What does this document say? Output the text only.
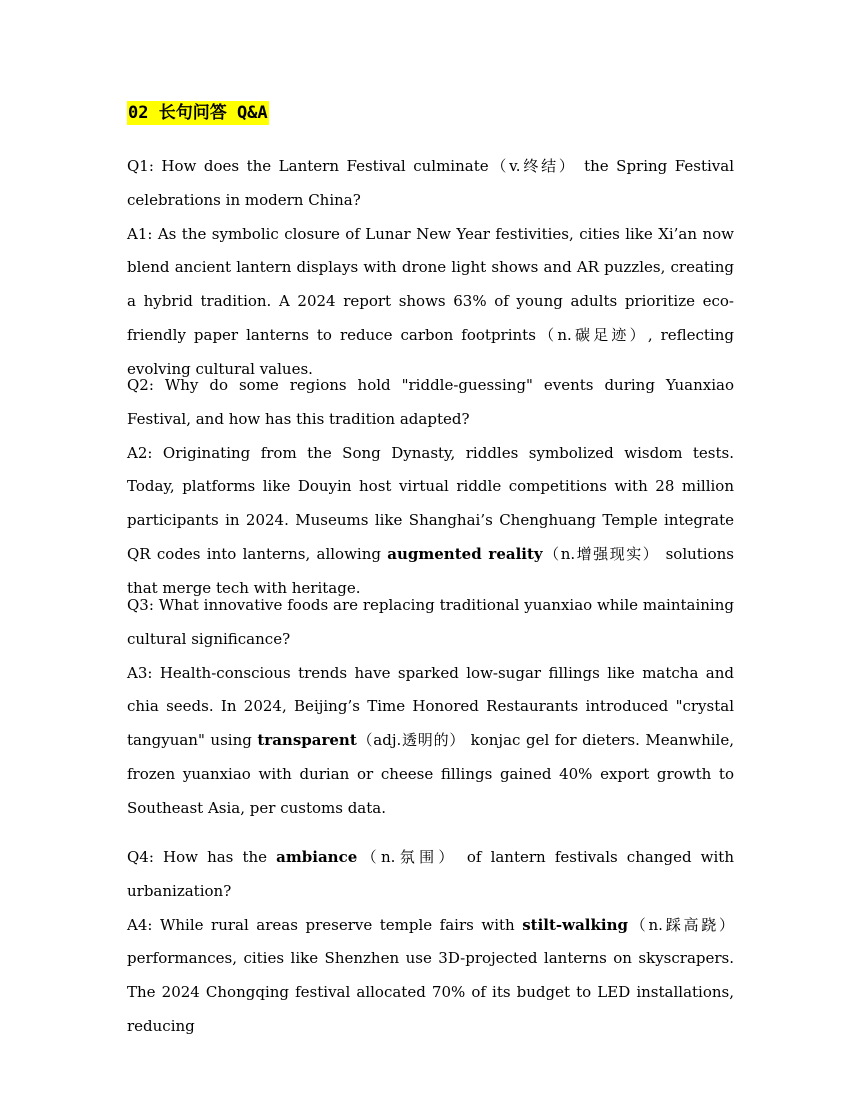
02 长句问答 Q&A

Q1: How does the Lantern Festival culminate（v.终结） the Spring Festival celebrations in modern China?

A1: As the symbolic closure of Lunar New Year festivities, cities like Xi’an now blend ancient lantern displays with drone light shows and AR puzzles, creating a hybrid tradition. A 2024 report shows 63% of young adults prioritize eco-friendly paper lanterns to reduce carbon footprints（n.碳足迹）, reflecting evolving cultural values.

Q2: Why do some regions hold "riddle-guessing" events during Yuanxiao Festival, and how has this tradition adapted?

A2: Originating from the Song Dynasty, riddles symbolized wisdom tests. Today, platforms like Douyin host virtual riddle competitions with 28 million participants in 2024. Museums like Shanghai’s Chenghuang Temple integrate QR codes into lanterns, allowing augmented reality（n.增强现实） solutions that merge tech with heritage.

Q3: What innovative foods are replacing traditional yuanxiao while maintaining cultural significance?

A3: Health-conscious trends have sparked low-sugar fillings like matcha and chia seeds. In 2024, Beijing’s Time Honored Restaurants introduced "crystal tangyuan" using transparent（adj.透明的） konjac gel for dieters. Meanwhile, frozen yuanxiao with durian or cheese fillings gained 40% export growth to Southeast Asia, per customs data.

Q4: How has the ambiance（n.氛围） of lantern festivals changed with urbanization?

A4: While rural areas preserve temple fairs with stilt-walking（n.踩高跷） performances, cities like Shenzhen use 3D-projected lanterns on skyscrapers. The 2024 Chongqing festival allocated 70% of its budget to LED installations, reducing
